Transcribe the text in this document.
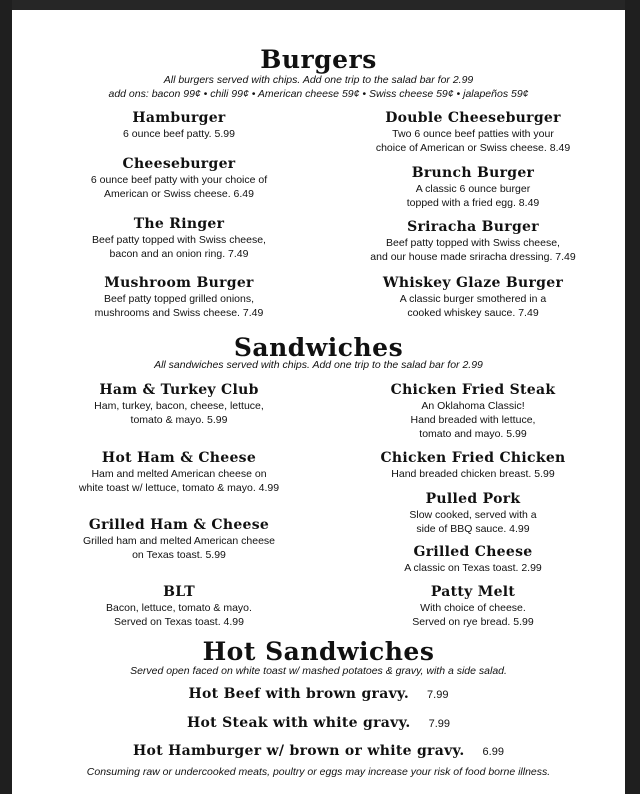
Burgers
All burgers served with chips. Add one trip to the salad bar for 2.99
add ons: bacon 99¢ • chili 99¢ • American cheese 59¢ • Swiss cheese 59¢ • jalapeños 59¢
Hamburger
6 ounce beef patty. 5.99
Cheeseburger
6 ounce beef patty with your choice of
American or Swiss cheese. 6.49
The Ringer
Beef patty topped with Swiss cheese,
bacon and an onion ring. 7.49
Mushroom Burger
Beef patty topped grilled onions,
mushrooms and Swiss cheese. 7.49
Double Cheeseburger
Two 6 ounce beef patties with your
choice of American or Swiss cheese. 8.49
Brunch Burger
A classic 6 ounce burger
topped with a fried egg. 8.49
Sriracha Burger
Beef patty topped with Swiss cheese,
and our house made sriracha dressing. 7.49
Whiskey Glaze Burger
A classic burger smothered in a
cooked whiskey sauce. 7.49
Sandwiches
All sandwiches served with chips. Add one trip to the salad bar for 2.99
Ham & Turkey Club
Ham, turkey, bacon, cheese, lettuce,
tomato & mayo. 5.99
Hot Ham & Cheese
Ham and melted American cheese on
white toast w/ lettuce, tomato & mayo. 4.99
Grilled Ham & Cheese
Grilled ham and melted American cheese
on Texas toast. 5.99
BLT
Bacon, lettuce, tomato & mayo.
Served on Texas toast. 4.99
Chicken Fried Steak
An Oklahoma Classic!
Hand breaded with lettuce,
tomato and mayo. 5.99
Chicken Fried Chicken
Hand breaded chicken breast. 5.99
Pulled Pork
Slow cooked, served with a
side of BBQ sauce. 4.99
Grilled Cheese
A classic on Texas toast. 2.99
Patty Melt
With choice of cheese.
Served on rye bread. 5.99
Hot Sandwiches
Served open faced on white toast w/ mashed potatoes & gravy, with a side salad.
Hot Beef with brown gravy. 7.99
Hot Steak with white gravy. 7.99
Hot Hamburger w/ brown or white gravy. 6.99
Consuming raw or undercooked meats, poultry or eggs may increase your risk of food borne illness.
